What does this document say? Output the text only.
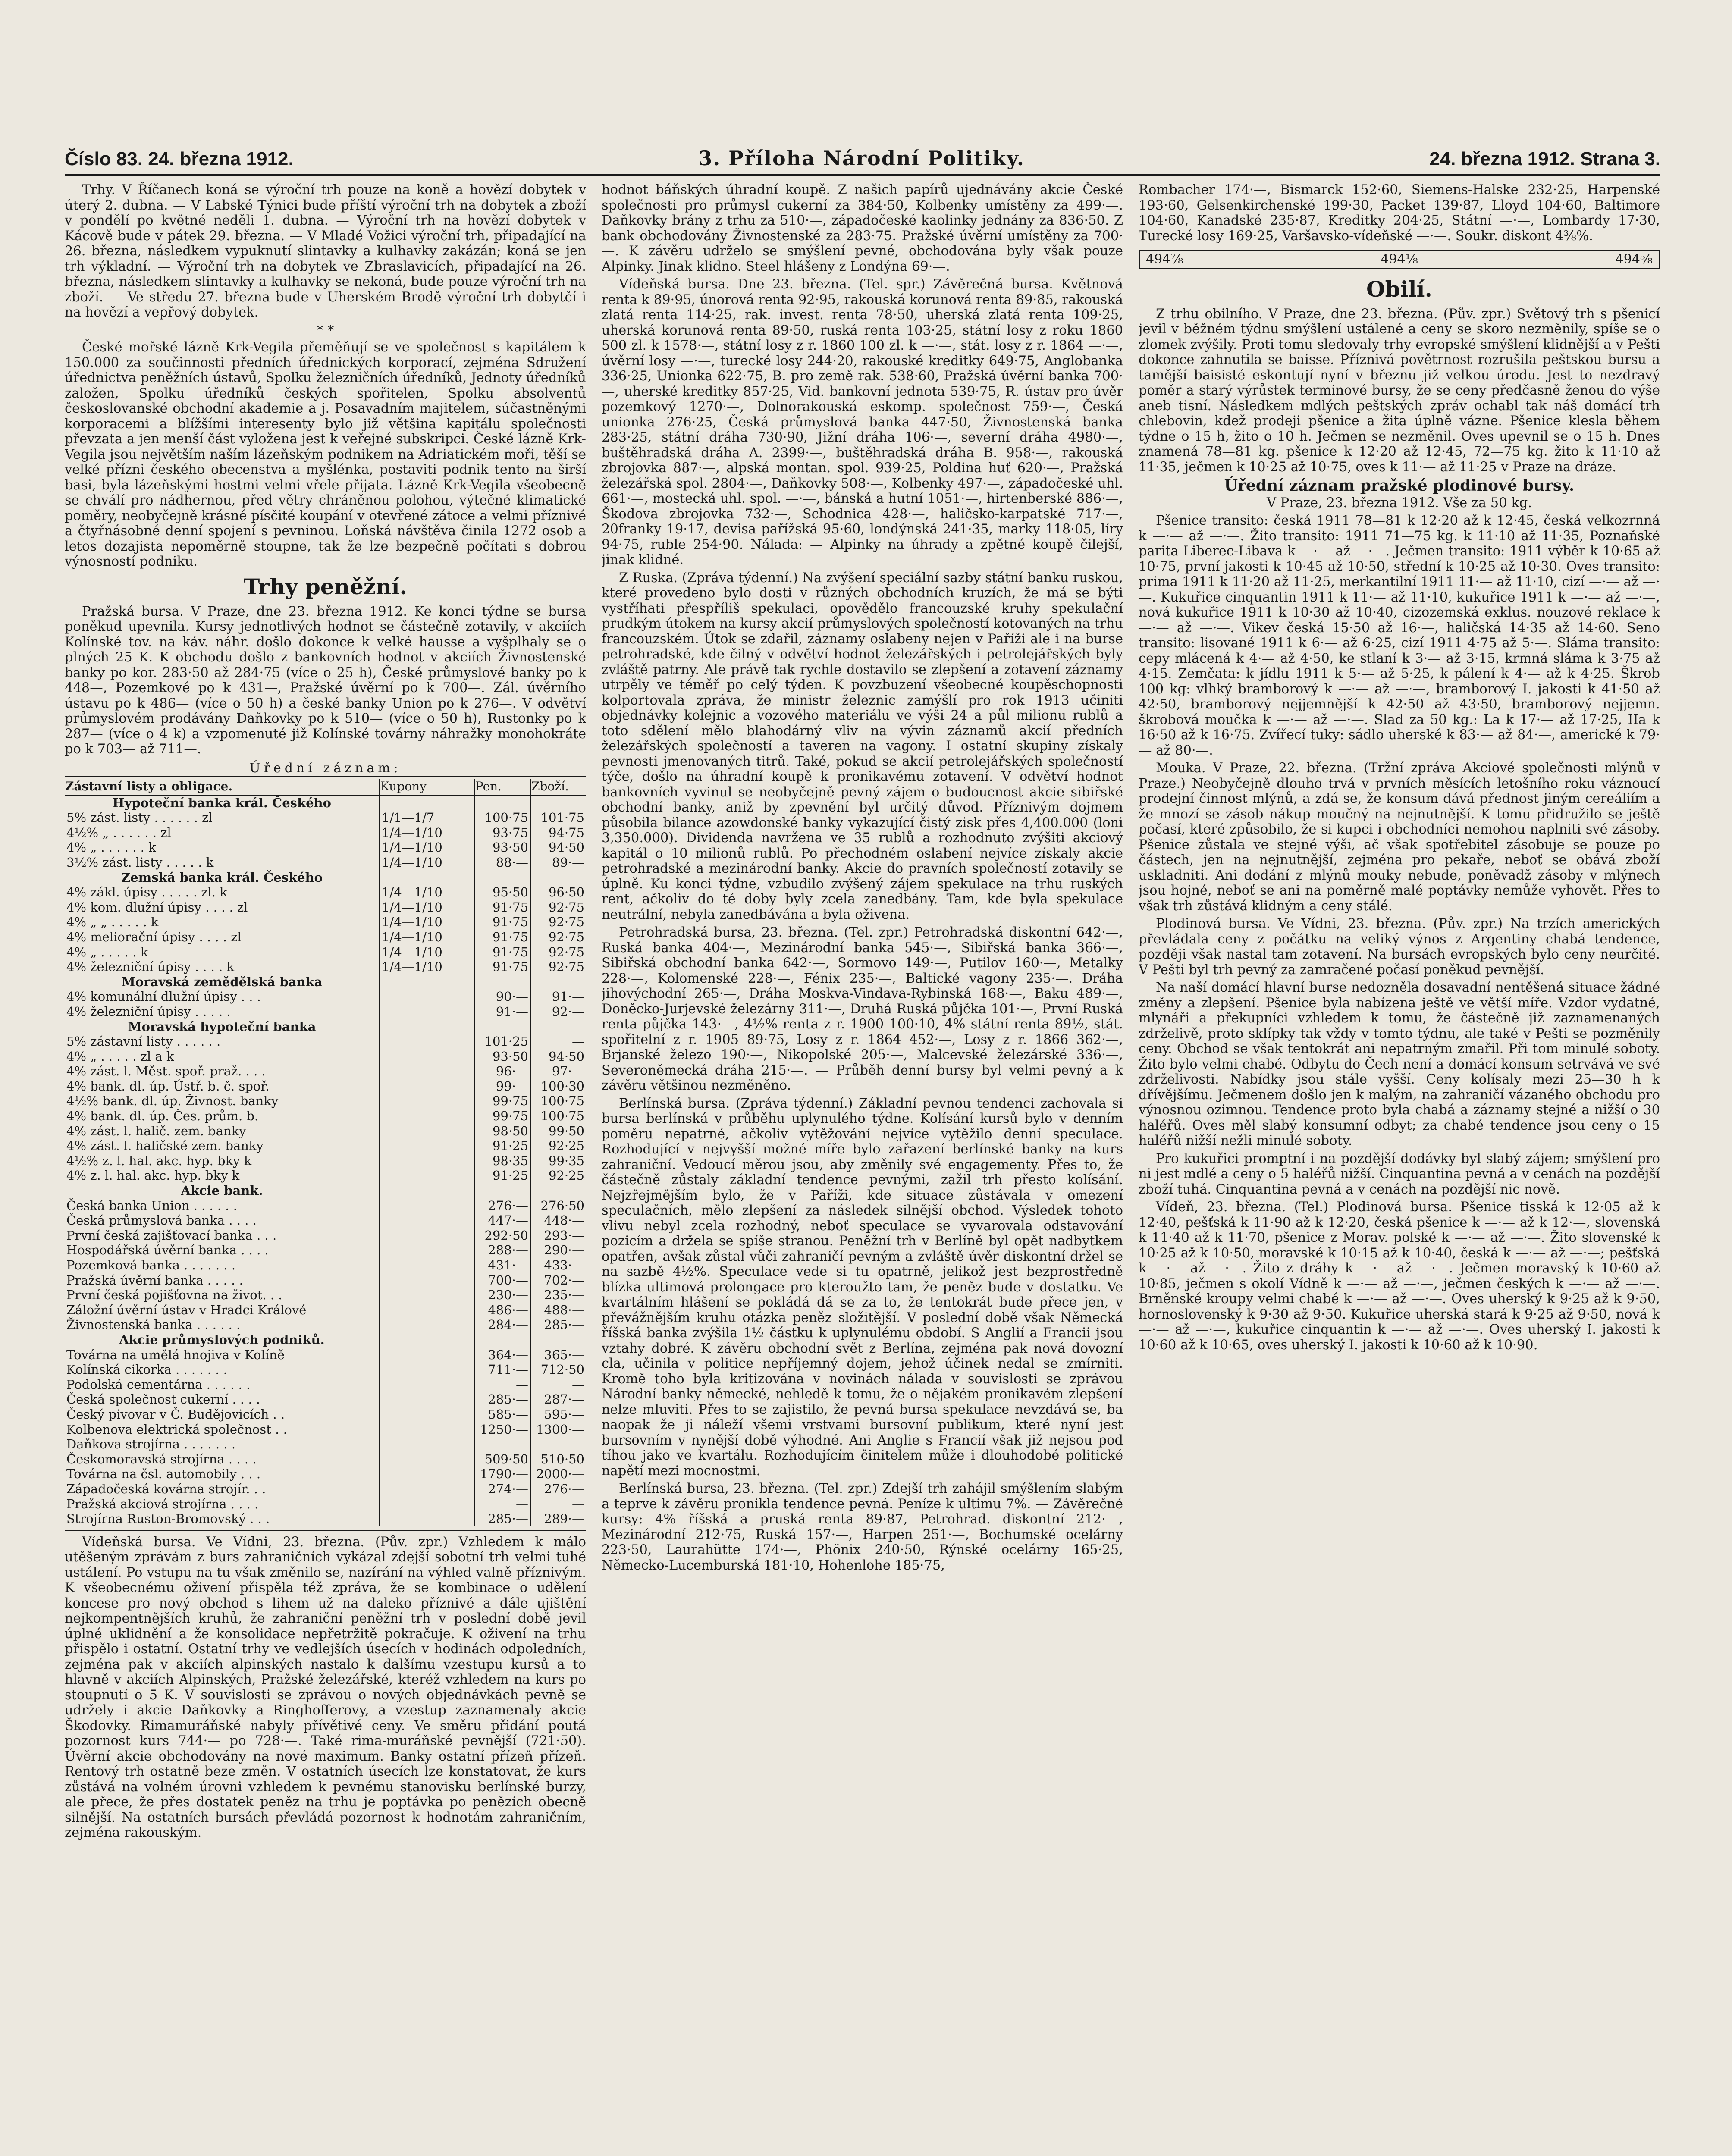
Číslo 83. 24. března 1912.	3. Příloha Národní Politiky.	24. března 1912. Strana 3.

Trhy. V Říčanech koná se výroční trh pouze na koně a hovězí dobytek v úterý 2. dubna. — V Labské Týnici bude příští výroční trh na dobytek a zboží v pondělí po květné neděli 1. dubna. — Výroční trh na hovězí dobytek v Kácově bude v pátek 29. března. — V Mladé Vožici výroční trh, připadající na 26. března, následkem vypuknutí slintavky a kulhavky zakázán; koná se jen trh výkladní. — Výroční trh na dobytek ve Zbraslavicích, připadající na 26. března, následkem slintavky a kulhavky se nekoná, bude pouze výroční trh na zboží. — Ve středu 27. března bude v Uherském Brodě výroční trh dobytčí i na hovězí a vepřový dobytek.

* *

České mořské lázně Krk-Vegila přeměňují se ve společnost s kapitálem k 150.000 za součinnosti předních úřednických korporací, zejména Sdružení úřednictva peněžních ústavů, Spolku železničních úředníků, Jednoty úředníků založen, Spolku úředníků českých spořitelen, Spolku absolventů českoslovanské obchodní akademie a j. Posavadním majitelem, súčastněnými korporacemi a blížšími interesenty bylo již většina kapitálu společnosti převzata a jen menší část vyložena jest k veřejné subskripci. České lázně Krk-Vegila jsou největším naším lázeňským podnikem na Adriatickém moři, těší se velké přízni českého obecenstva a myšlénka, postaviti podnik tento na širší basi, byla lázeňskými hostmi velmi vřele přijata. Lázně Krk-Vegila všeobecně se chválí pro nádhernou, před větry chráněnou polohou, výtečné klimatické poměry, neobyčejně krásné písčité koupání v otevřené zátoce a velmi příznivé a čtyřnásobné denní spojení s pevninou. Loňská návštěva činila 1272 osob a letos dozajista nepoměrně stoupne, tak že lze bezpečně počítati s dobrou výnosností podniku.

Trhy peněžní.

Pražská bursa. V Praze, dne 23. března 1912. Ke konci týdne se bursa poněkud upevnila. Kursy jednotlivých hodnot se částečně zotavily, v akciích Kolínské tov. na káv. náhr. došlo dokonce k velké hausse a vyšplhaly se o plných 25 K. K obchodu došlo z bankovních hodnot v akciích Živnostenské banky po kor. 283·50 až 284·75 (více o 25 h), České průmyslové banky po k 448—, Pozemkové po k 431—, Pražské úvěrní po k 700—. Zál. úvěrního ústavu po k 486— (více o 50 h) a české banky Union po k 276—. V odvětví průmyslovém prodávány Daňkovky po k 510— (více o 50 h), Rustonky po k 287— (více o 4 k) a vzpomenuté již Kolínské továrny náhražky monohokráte po k 703— až 711—.

Úřední záznam:
Zástavní listy a obligace.	Kupony	Pen.	Zboží.
Hypoteční banka král. Českého			
5% zást. listy . . . . . . zl	1/1—1/7	100·75	101·75
4½% „ . . . . . . zl	1/4—1/10	93·75	94·75
4% „ . . . . . . k	1/4—1/10	93·50	94·50
3½% zást. listy . . . . . k	1/4—1/10	88·—	89·—
Zemská banka král. Českého			
4% zákl. úpisy . . . . . zl. k	1/4—1/10	95·50	96·50
4% kom. dlužní úpisy . . . . zl	1/4—1/10	91·75	92·75
4% „ „ . . . . . k	1/4—1/10	91·75	92·75
4% meliorační úpisy . . . . zl	1/4—1/10	91·75	92·75
4% „ . . . . . k	1/4—1/10	91·75	92·75
4% železniční úpisy . . . . k	1/4—1/10	91·75	92·75
Moravská zemědělská banka			
4% komunální dlužní úpisy . . .		90·—	91·—
4% železniční úpisy . . . . .		91·—	92·—
Moravská hypoteční banka			
5% zástavní listy . . . . . .		101·25	—
4% „ . . . . . zl a k		93·50	94·50
4% zást. l. Měst. spoř. praž. . . .		96·—	97·—
4% bank. dl. úp. Ústř. b. č. spoř.		99·—	100·30
4½% bank. dl. úp. Živnost. banky		99·75	100·75
4% bank. dl. úp. Čes. prům. b.		99·75	100·75
4% zást. l. halič. zem. banky		98·50	99·50
4% zást. l. haličské zem. banky		91·25	92·25
4½% z. l. hal. akc. hyp. bky k		98·35	99·35
4% z. l. hal. akc. hyp. bky k		91·25	92·25
Akcie bank.			
Česká banka Union . . . . . .		276·—	276·50
Česká průmyslová banka . . . .		447·—	448·—
První česká zajišťovací banka . . .		292·50	293·—
Hospodářská úvěrní banka . . . .		288·—	290·—
Pozemková banka . . . . . . .		431·—	433·—
Pražská úvěrní banka . . . . .		700·—	702·—
První česká pojišťovna na život. . .		230·—	235·—
Záložní úvěrní ústav v Hradci Králové		486·—	488·—
Živnostenská banka . . . . . .		284·—	285·—
Akcie průmyslových podniků.			
Továrna na umělá hnojiva v Kolíně		364·—	365·—
Kolínská cikorka . . . . . . .		711·—	712·50
Podolská cementárna . . . . . .		—	—
Česká společnost cukerní . . . .		285·—	287·—
Český pivovar v Č. Budějovicích . .		585·—	595·—
Kolbenova elektrická společnost . .		1250·—	1300·—
Daňkova strojírna . . . . . . .		—	—
Českomoravská strojírna . . . .		509·50	510·50
Továrna na čsl. automobily . . .		1790·—	2000·—
Západočeská kovárna strojír. . .		274·—	276·—
Pražská akciová strojírna . . . .		—	—
Strojírna Ruston-Bromovský . . .		285·—	289·—

Vídeňská bursa. Ve Vídni, 23. března. (Pův. zpr.) Vzhledem k málo utěšeným zprávám z burs zahraničních vykázal zdejší sobotní trh velmi tuhé ustálení. Po vstupu na tu však změnilo se, nazírání na výhled valně příznivým. K všeobecnému oživení přispěla též zpráva, že se kombinace o udělení koncese pro nový obchod s lihem už na daleko příznivé a dále ujištění nejkompentnějších kruhů, že zahraniční peněžní trh v poslední době jevil úplné uklidnění a že konsolidace nepřetržitě pokračuje. K oživení na trhu přispělo i ostatní. Ostatní trhy ve vedlejších úsecích v hodinách odpoledních, zejména pak v akciích alpinských nastalo k dalšímu vzestupu kursů a to hlavně v akciích Alpinských, Pražské železářské, kteréž vzhledem na kurs po stoupnutí o 5 K. V souvislosti se zprávou o nových objednávkách pevně se udržely i akcie Daňkovky a Ringhofferovy, a vzestup zaznamenaly akcie Škodovky. Rimamuráňské nabyly přívětivé ceny. Ve směru přidání poutá pozornost kurs 744·— po 728·—. Také rima-muráňské pevnější (721·50). Úvěrní akcie obchodovány na nové maximum. Banky ostatní přízeň přízeň. Rentový trh ostatně beze změn. V ostatních úsecích lze konstatovat, že kurs zůstává na volném úrovni vzhledem k pevnému stanovisku berlínské burzy, ale přece, že přes dostatek peněz na trhu je poptávka po penězích obecně silnější. Na ostatních bursách převládá pozornost k hodnotám zahraničním, zejména rakouským.

hodnot báňských úhradní koupě. Z našich papírů ujednávány akcie České společnosti pro průmysl cukerní za 384·50, Kolbenky umístěny za 499·—. Daňkovky brány z trhu za 510·—, západočeské kaolinky jednány za 836·50. Z bank obchodovány Živnostenské za 283·75. Pražské úvěrní umístěny za 700·—. K závěru udrželo se smýšlení pevné, obchodována byly však pouze Alpinky. Jinak klidno. Steel hlášeny z Londýna 69·—.

Vídeňská bursa. Dne 23. března. (Tel. spr.) Závěrečná bursa. Květnová renta k 89·95, únorová renta 92·95, rakouská korunová renta 89·85, rakouská zlatá renta 114·25, rak. invest. renta 78·50, uherská zlatá renta 109·25, uherská korunová renta 89·50, ruská renta 103·25, státní losy z roku 1860 500 zl. k 1578·—, státní losy z r. 1860 100 zl. k —·—, stát. losy z r. 1864 —·—, úvěrní losy —·—, turecké losy 244·20, rakouské kreditky 649·75, Anglobanka 336·25, Unionka 622·75, B. pro země rak. 538·60, Pražská úvěrní banka 700·—, uherské kreditky 857·25, Vid. bankovní jednota 539·75, R. ústav pro úvěr pozemkový 1270·—, Dolnorakouská eskomp. společnost 759·—, Česká unionka 276·25, Česká průmyslová banka 447·50, Živnostenská banka 283·25, státní dráha 730·90, Jižní dráha 106·—, severní dráha 4980·—, buštěhradská dráha A. 2399·—, buštěhradská dráha B. 958·—, rakouská zbrojovka 887·—, alpská montan. spol. 939·25, Poldina huť 620·—, Pražská železářská spol. 2804·—, Daňkovky 508·—, Kolbenky 497·—, západočeské uhl. 661·—, mostecká uhl. spol. —·—, bánská a hutní 1051·—, hirtenberské 886·—, Škodova zbrojovka 732·—, Schodnica 428·—, haličsko-karpatské 717·—, 20franky 19·17, devisa pařížská 95·60, londýnská 241·35, marky 118·05, líry 94·75, ruble 254·90. Nálada: — Alpinky na úhrady a zpětné koupě čilejší, jinak klidné.

Z Ruska. (Zpráva týdenní.) Na zvýšení speciální sazby státní banku ruskou, které provedeno bylo dosti v různých obchodních kruzích, že má se býti vystříhati přespříliš spekulaci, opovědělo francouzské kruhy spekulační prudkým útokem na kursy akcií průmyslových společností kotovaných na trhu francouzském. Útok se zdařil, záznamy oslabeny nejen v Paříži ale i na burse petrohradské, kde čilný v odvětví hodnot železářských i petrolejářských byly zvláště patrny. Ale právě tak rychle dostavilo se zlepšení a zotavení záznamy utrpěly ve téměř po celý týden. K povzbuzení všeobecné koupěschopnosti kolportovala zpráva, že ministr železnic zamýšlí pro rok 1913 učiniti objednávky kolejnic a vozového materiálu ve výši 24 a půl milionu rublů a toto sdělení mělo blahodárný vliv na vývin záznamů akcií předních železářských společností a taveren na vagony. I ostatní skupiny získaly pevnosti jmenovaných titrů. Také, pokud se akcií petrolejářských společností týče, došlo na úhradní koupě k pronikavému zotavení. V odvětví hodnot bankovních vyvinul se neobyčejně pevný zájem o budoucnost akcie sibiřské obchodní banky, aniž by zpevnění byl určitý důvod. Příznivým dojmem působila bilance azowdonské banky vykazující čistý zisk přes 4,400.000 (loni 3,350.000). Dividenda navržena ve 35 rublů a rozhodnuto zvýšiti akciový kapitál o 10 milionů rublů. Po přechodném oslabení nejvíce získaly akcie petrohradské a mezinárodní banky. Akcie do pravních společností zotavily se úplně. Ku konci týdne, vzbudilo zvýšený zájem spekulace na trhu ruských rent, ačkoliv do té doby byly zcela zanedbány. Tam, kde byla spekulace neutrální, nebyla zanedbávána a byla oživena.

Petrohradská bursa, 23. března. (Tel. zpr.) Petrohradská diskontní 642·—, Ruská banka 404·—, Mezinárodní banka 545·—, Sibiřská banka 366·—, Sibiřská obchodní banka 642·—, Sormovo 149·—, Putilov 160·—, Metalky 228·—, Kolomenské 228·—, Fénix 235·—, Baltické vagony 235·—. Dráha jihovýchodní 265·—, Dráha Moskva-Vindava-Rybinská 168·—, Baku 489·—, Doněcko-Jurjevské železárny 311·—, Druhá Ruská půjčka 101·—, První Ruská renta půjčka 143·—, 4½% renta z r. 1900 100·10, 4% státní renta 89½, stát. spořitelní z r. 1905 89·75, Losy z r. 1864 452·—, Losy z r. 1866 362·—, Brjanské železo 190·—, Nikopolské 205·—, Malcevské železárské 336·—, Severoněmecká dráha 215·—. — Průběh denní bursy byl velmi pevný a k závěru většinou nezměněno.

Berlínská bursa. (Zpráva týdenní.) Základní pevnou tendenci zachovala si bursa berlínská v průběhu uplynulého týdne. Kolísání kursů bylo v denním poměru nepatrné, ačkoliv vytěžování nejvíce vytěžilo denní speculace. Rozhodující v nejvyšší možné míře bylo zařazení berlínské banky na kurs zahraniční. Vedoucí měrou jsou, aby změnily své engagementy. Přes to, že částečně zůstaly základní tendence pevnými, zažil trh přesto kolísání. Nejzřejmějším bylo, že v Paříži, kde situace zůstávala v omezení speculačních, mělo zlepšení za následek silnější obchod. Výsledek tohoto vlivu nebyl zcela rozhodný, neboť speculace se vyvarovala odstavování pozicím a držela se spíše stranou. Peněžní trh v Berlíně byl opět nadbytkem opatřen, avšak zůstal vůči zahraničí pevným a zvláště úvěr diskontní držel se na sazbě 4½%. Speculace vede si tu opatrně, jelikož jest bezprostředně blízka ultimová prolongace pro kteroužto tam, že peněz bude v dostatku. Ve kvartálním hlášení se pokládá dá se za to, že tentokrát bude přece jen, v převážnějším kruhu otázka peněz složitější. V poslední době však Německá říšská banka zvýšila 1½ částku k uplynulému období. S Anglií a Francii jsou vztahy dobré. K závěru obchodní svět z Berlína, zejména pak nová dovozní cla, učinila v politice nepříjemný dojem, jehož účinek nedal se zmírniti. Kromě toho byla kritizována v novinách nálada v souvislosti se zprávou Národní banky německé, nehledě k tomu, že o nějakém pronikavém zlepšení nelze mluviti. Přes to se zajistilo, že pevná bursa spekulace nevzdává se, ba naopak že ji náleží všemi vrstvami bursovní publikum, které nyní jest bursovním v nynější době výhodné. Ani Anglie s Francií však již nejsou pod tíhou jako ve kvartálu. Rozhodujícím činitelem může i dlouhodobé politické napětí mezi mocnostmi.

Berlínská bursa, 23. března. (Tel. zpr.) Zdejší trh zahájil smýšlením slabým a teprve k závěru pronikla tendence pevná. Peníze k ultimu 7%. — Závěrečné kursy: 4% říšská a pruská renta 89·87, Petrohrad. diskontní 212·—, Mezinárodní 212·75, Ruská 157·—, Harpen 251·—, Bochumské ocelárny 223·50, Laurahütte 174·—, Phönix 240·50, Rýnské ocelárny 165·25, Německo-Lucemburská 181·10, Hohenlohe 185·75,

Rombacher 174·—, Bismarck 152·60, Siemens-Halske 232·25, Harpenské 193·60, Gelsenkirchenské 199·30, Packet 139·87, Lloyd 104·60, Baltimore 104·60, Kanadské 235·87, Kreditky 204·25, Státní —·—, Lombardy 17·30, Turecké losy 169·25, Varšavsko-vídeňské —·—. Soukr. diskont 4⅜%.

494⅞	—	494⅛	—	494⅝
Obilí.

Z trhu obilního. V Praze, dne 23. března. (Pův. zpr.) Světový trh s pšenicí jevil v běžném týdnu smýšlení ustálené a ceny se skoro nezměnily, spíše se o zlomek zvýšily. Proti tomu sledovaly trhy evropské smýšlení klidnější a v Pešti dokonce zahnutila se baisse. Příznivá povětrnost rozrušila peštskou bursu a tamější baisisté eskontují nyní v březnu již velkou úrodu. Jest to nezdravý poměr a starý výrůstek terminové bursy, že se ceny předčasně ženou do výše aneb tisní. Následkem mdlých peštských zpráv ochabl tak náš domácí trh chlebovin, kdež prodeji pšenice a žita úplně vázne. Pšenice klesla během týdne o 15 h, žito o 10 h. Ječmen se nezměnil. Oves upevnil se o 15 h. Dnes znamená 78—81 kg. pšenice k 12·20 až 12·45, 72—75 kg. žito k 11·10 až 11·35, ječmen k 10·25 až 10·75, oves k 11·— až 11·25 v Praze na dráze.

Úřední záznam pražské plodinové bursy.

V Praze, 23. března 1912. Vše za 50 kg.

Pšenice transito: česká 1911 78—81 k 12·20 až k 12·45, česká velkozrnná k —·— až —·—. Žito transito: 1911 71—75 kg. k 11·10 až 11·35, Poznaňské parita Liberec-Libava k —·— až —·—. Ječmen transito: 1911 výběr k 10·65 až 10·75, první jakosti k 10·45 až 10·50, střední k 10·25 až 10·30. Oves transito: prima 1911 k 11·20 až 11·25, merkantilní 1911 11·— až 11·10, cizí —·— až —·—. Kukuřice cinquantin 1911 k 11·— až 11·10, kukuřice 1911 k —·— až —·—, nová kukuřice 1911 k 10·30 až 10·40, cizozemská exklus. nouzové reklace k —·— až —·—. Vikev česká 15·50 až 16·—, haličská 14·35 až 14·60. Seno transito: lisované 1911 k 6·— až 6·25, cizí 1911 4·75 až 5·—. Sláma transito: cepy mlácená k 4·— až 4·50, ke stlaní k 3·— až 3·15, krmná sláma k 3·75 až 4·15. Zemčata: k jídlu 1911 k 5·— až 5·25, k pálení k 4·— až k 4·25. Škrob 100 kg: vlhký bramborový k —·— až —·—, bramborový I. jakosti k 41·50 až 42·50, bramborový nejjemnější k 42·50 až 43·50, bramborový nejjemn. škrobová moučka k —·— až —·—. Slad za 50 kg.: La k 17·— až 17·25, IIa k 16·50 až k 16·75. Zvířecí tuky: sádlo uherské k 83·— až 84·—, americké k 79·— až 80·—.

Mouka. V Praze, 22. března. (Tržní zpráva Akciové společnosti mlýnů v Praze.) Neobyčejně dlouho trvá v prvních měsících letošního roku váznoucí prodejní činnost mlýnů, a zdá se, že konsum dává přednost jiným cereáliím a že mnozí se zásob nákup moučný na nejnutnější. K tomu přidružilo se ještě počasí, které způsobilo, že si kupci i obchodníci nemohou naplniti své zásoby. Pšenice zůstala ve stejné výši, ač však spotřebitel zásobuje se pouze po částech, jen na nejnutnější, zejména pro pekaře, neboť se obává zboží uskladniti. Ani dodání z mlýnů mouky nebude, poněvadž zásoby v mlýnech jsou hojné, neboť se ani na poměrně malé poptávky nemůže vyhovět. Přes to však trh zůstává klidným a ceny stálé.

Plodinová bursa. Ve Vídni, 23. března. (Pův. zpr.) Na trzích amerických převládala ceny z počátku na veliký výnos z Argentiny chabá tendence, později však nastal tam zotavení. Na bursách evropských bylo ceny neurčité. V Pešti byl trh pevný za zamračené počasí poněkud pevnější.

Na naší domácí hlavní burse nedozněla dosavadní nentěšená situace žádné změny a zlepšení. Pšenice byla nabízena ještě ve větší míře. Vzdor vydatné, mlynáři a překupníci vzhledem k tomu, že částečně již zaznamenaných zdrželivě, proto sklípky tak vždy v tomto týdnu, ale také v Pešti se pozměnily ceny. Obchod se však tentokrát ani nepatrným zmařil. Při tom minulé soboty. Žito bylo velmi chabé. Odbytu do Čech není a domácí konsum setrvává ve své zdrželivosti. Nabídky jsou stále vyšší. Ceny kolísaly mezi 25—30 h k dřívějšímu. Ječmenem došlo jen k malým, na zahraničí vázaného obchodu pro výnosnou ozimnou. Tendence proto byla chabá a záznamy stejné a nižší o 30 haléřů. Oves měl slabý konsumní odbyt; za chabé tendence jsou ceny o 15 haléřů nižší nežli minulé soboty.

Pro kukuřici promptní i na pozdější dodávky byl slabý zájem; smýšlení pro ni jest mdlé a ceny o 5 haléřů nižší. Cinquantina pevná a v cenách na pozdější zboží tuhá. Cinquantina pevná a v cenách na pozdější nic nově.

Vídeň, 23. března. (Tel.) Plodinová bursa. Pšenice tisská k 12·05 až k 12·40, pešťská k 11·90 až k 12·20, česká pšenice k —·— až k 12·—, slovenská k 11·40 až k 11·70, pšenice z Morav. polské k —·— až —·—. Žito slovenské k 10·25 až k 10·50, moravské k 10·15 až k 10·40, česká k —·— až —·—; pešťská k —·— až —·—. Žito z dráhy k —·— až —·—. Ječmen moravský k 10·60 až 10·85, ječmen s okolí Vídně k —·— až —·—, ječmen českých k —·— až —·—. Brněnské kroupy velmi chabé k —·— až —·—. Oves uherský k 9·25 až k 9·50, hornoslovenský k 9·30 až 9·50. Kukuřice uherská stará k 9·25 až 9·50, nová k —·— až —·—, kukuřice cinquantin k —·— až —·—. Oves uherský I. jakosti k 10·60 až k 10·65, oves uherský I. jakosti k 10·60 až k 10·90.
